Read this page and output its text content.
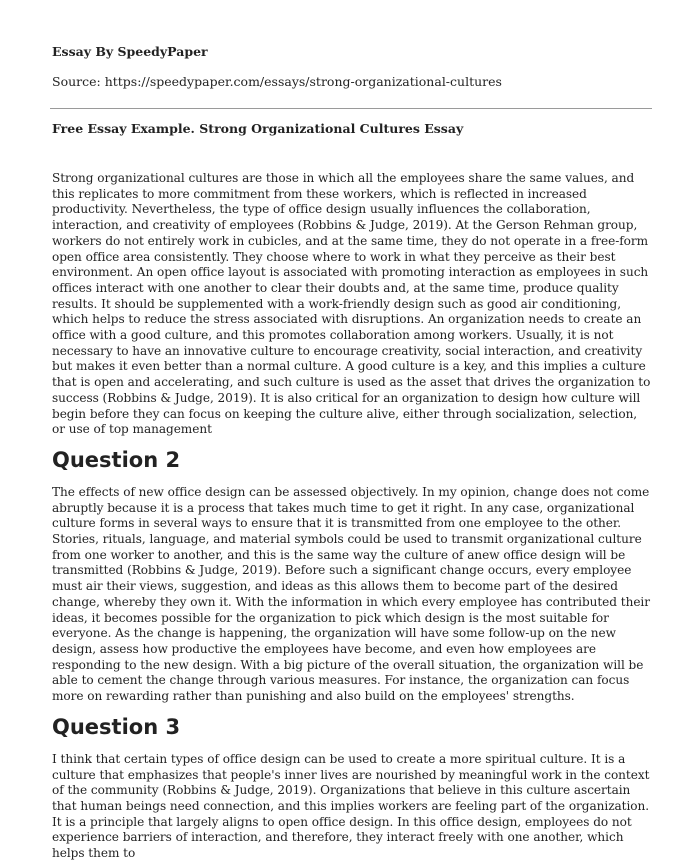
Essay By SpeedyPaper

Source: https://speedypaper.com/essays/strong-organizational-cultures

Free Essay Example. Strong Organizational Cultures Essay

Strong organizational cultures are those in which all the employees share the same values, and this replicates to more commitment from these workers, which is reflected in increased productivity. Nevertheless, the type of office design usually influences the collaboration, interaction, and creativity of employees (Robbins & Judge, 2019). At the Gerson Rehman group, workers do not entirely work in cubicles, and at the same time, they do not operate in a free-form open office area consistently. They choose where to work in what they perceive as their best environment. An open office layout is associated with promoting interaction as employees in such offices interact with one another to clear their doubts and, at the same time, produce quality results. It should be supplemented with a work-friendly design such as good air conditioning, which helps to reduce the stress associated with disruptions. An organization needs to create an office with a good culture, and this promotes collaboration among workers. Usually, it is not necessary to have an innovative culture to encourage creativity, social interaction, and creativity but makes it even better than a normal culture. A good culture is a key, and this implies a culture that is open and accelerating, and such culture is used as the asset that drives the organization to success (Robbins & Judge, 2019). It is also critical for an organization to design how culture will begin before they can focus on keeping the culture alive, either through socialization, selection, or use of top management

Question 2

The effects of new office design can be assessed objectively. In my opinion, change does not come abruptly because it is a process that takes much time to get it right. In any case, organizational culture forms in several ways to ensure that it is transmitted from one employee to the other. Stories, rituals, language, and material symbols could be used to transmit organizational culture from one worker to another, and this is the same way the culture of anew office design will be transmitted (Robbins & Judge, 2019). Before such a significant change occurs, every employee must air their views, suggestion, and ideas as this allows them to become part of the desired change, whereby they own it. With the information in which every employee has contributed their ideas, it becomes possible for the organization to pick which design is the most suitable for everyone. As the change is happening, the organization will have some follow-up on the new design, assess how productive the employees have become, and even how employees are responding to the new design. With a big picture of the overall situation, the organization will be able to cement the change through various measures. For instance, the organization can focus more on rewarding rather than punishing and also build on the employees' strengths.

Question 3

I think that certain types of office design can be used to create a more spiritual culture. It is a culture that emphasizes that people's inner lives are nourished by meaningful work in the context of the community (Robbins & Judge, 2019). Organizations that believe in this culture ascertain that human beings need connection, and this implies workers are feeling part of the organization. It is a principle that largely aligns to open office design. In this office design, employees do not experience barriers of interaction, and therefore, they interact freely with one another, which helps them to
